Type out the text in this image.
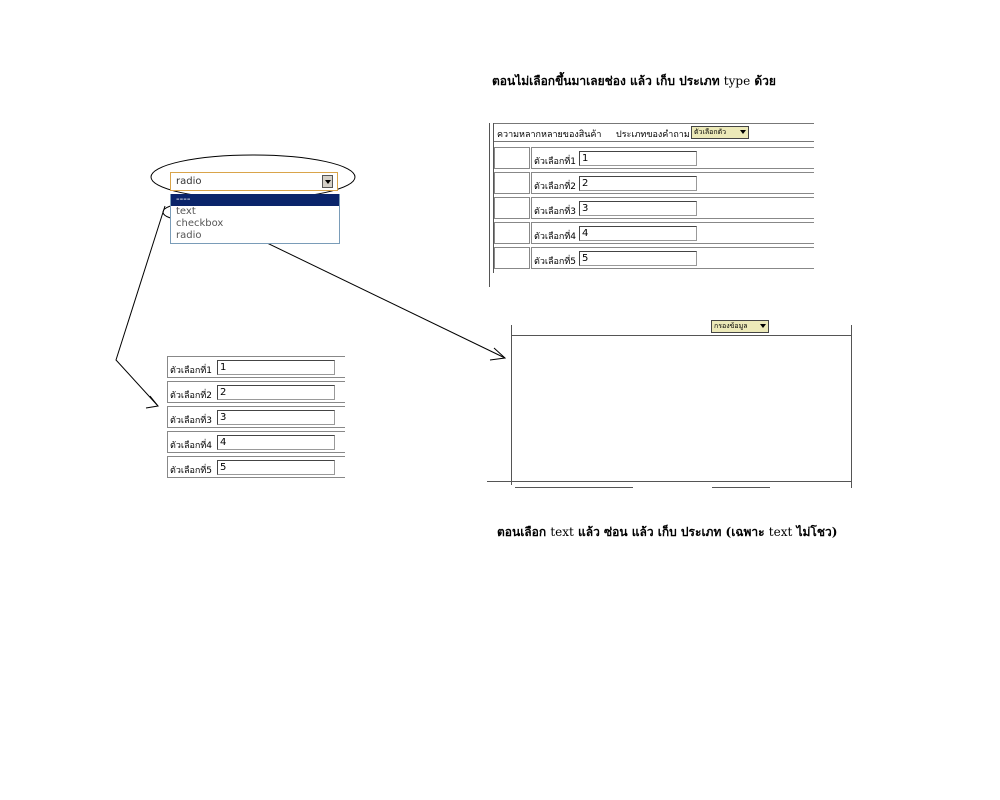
ตอนไม่เลือกขึ้นมาเลยช่อง แล้ว เก็บ ประเภท type ด้วย
radio
----
text
checkbox
radio
ความหลากหลายของสินค้า ประเภทของคำถาม ตัวเลือกตัว
ตัวเลือกที่1 1
ตัวเลือกที่2 2
ตัวเลือกที่3 3
ตัวเลือกที่4 4
ตัวเลือกที่5 5
ตัวเลือกที่1 1
ตัวเลือกที่2 2
ตัวเลือกที่3 3
ตัวเลือกที่4 4
ตัวเลือกที่5 5
กรองข้อมูล
ตอนเลือก text แล้ว ซ่อน แล้ว เก็บ ประเภท (เฉพาะ text ไม่โชว)
